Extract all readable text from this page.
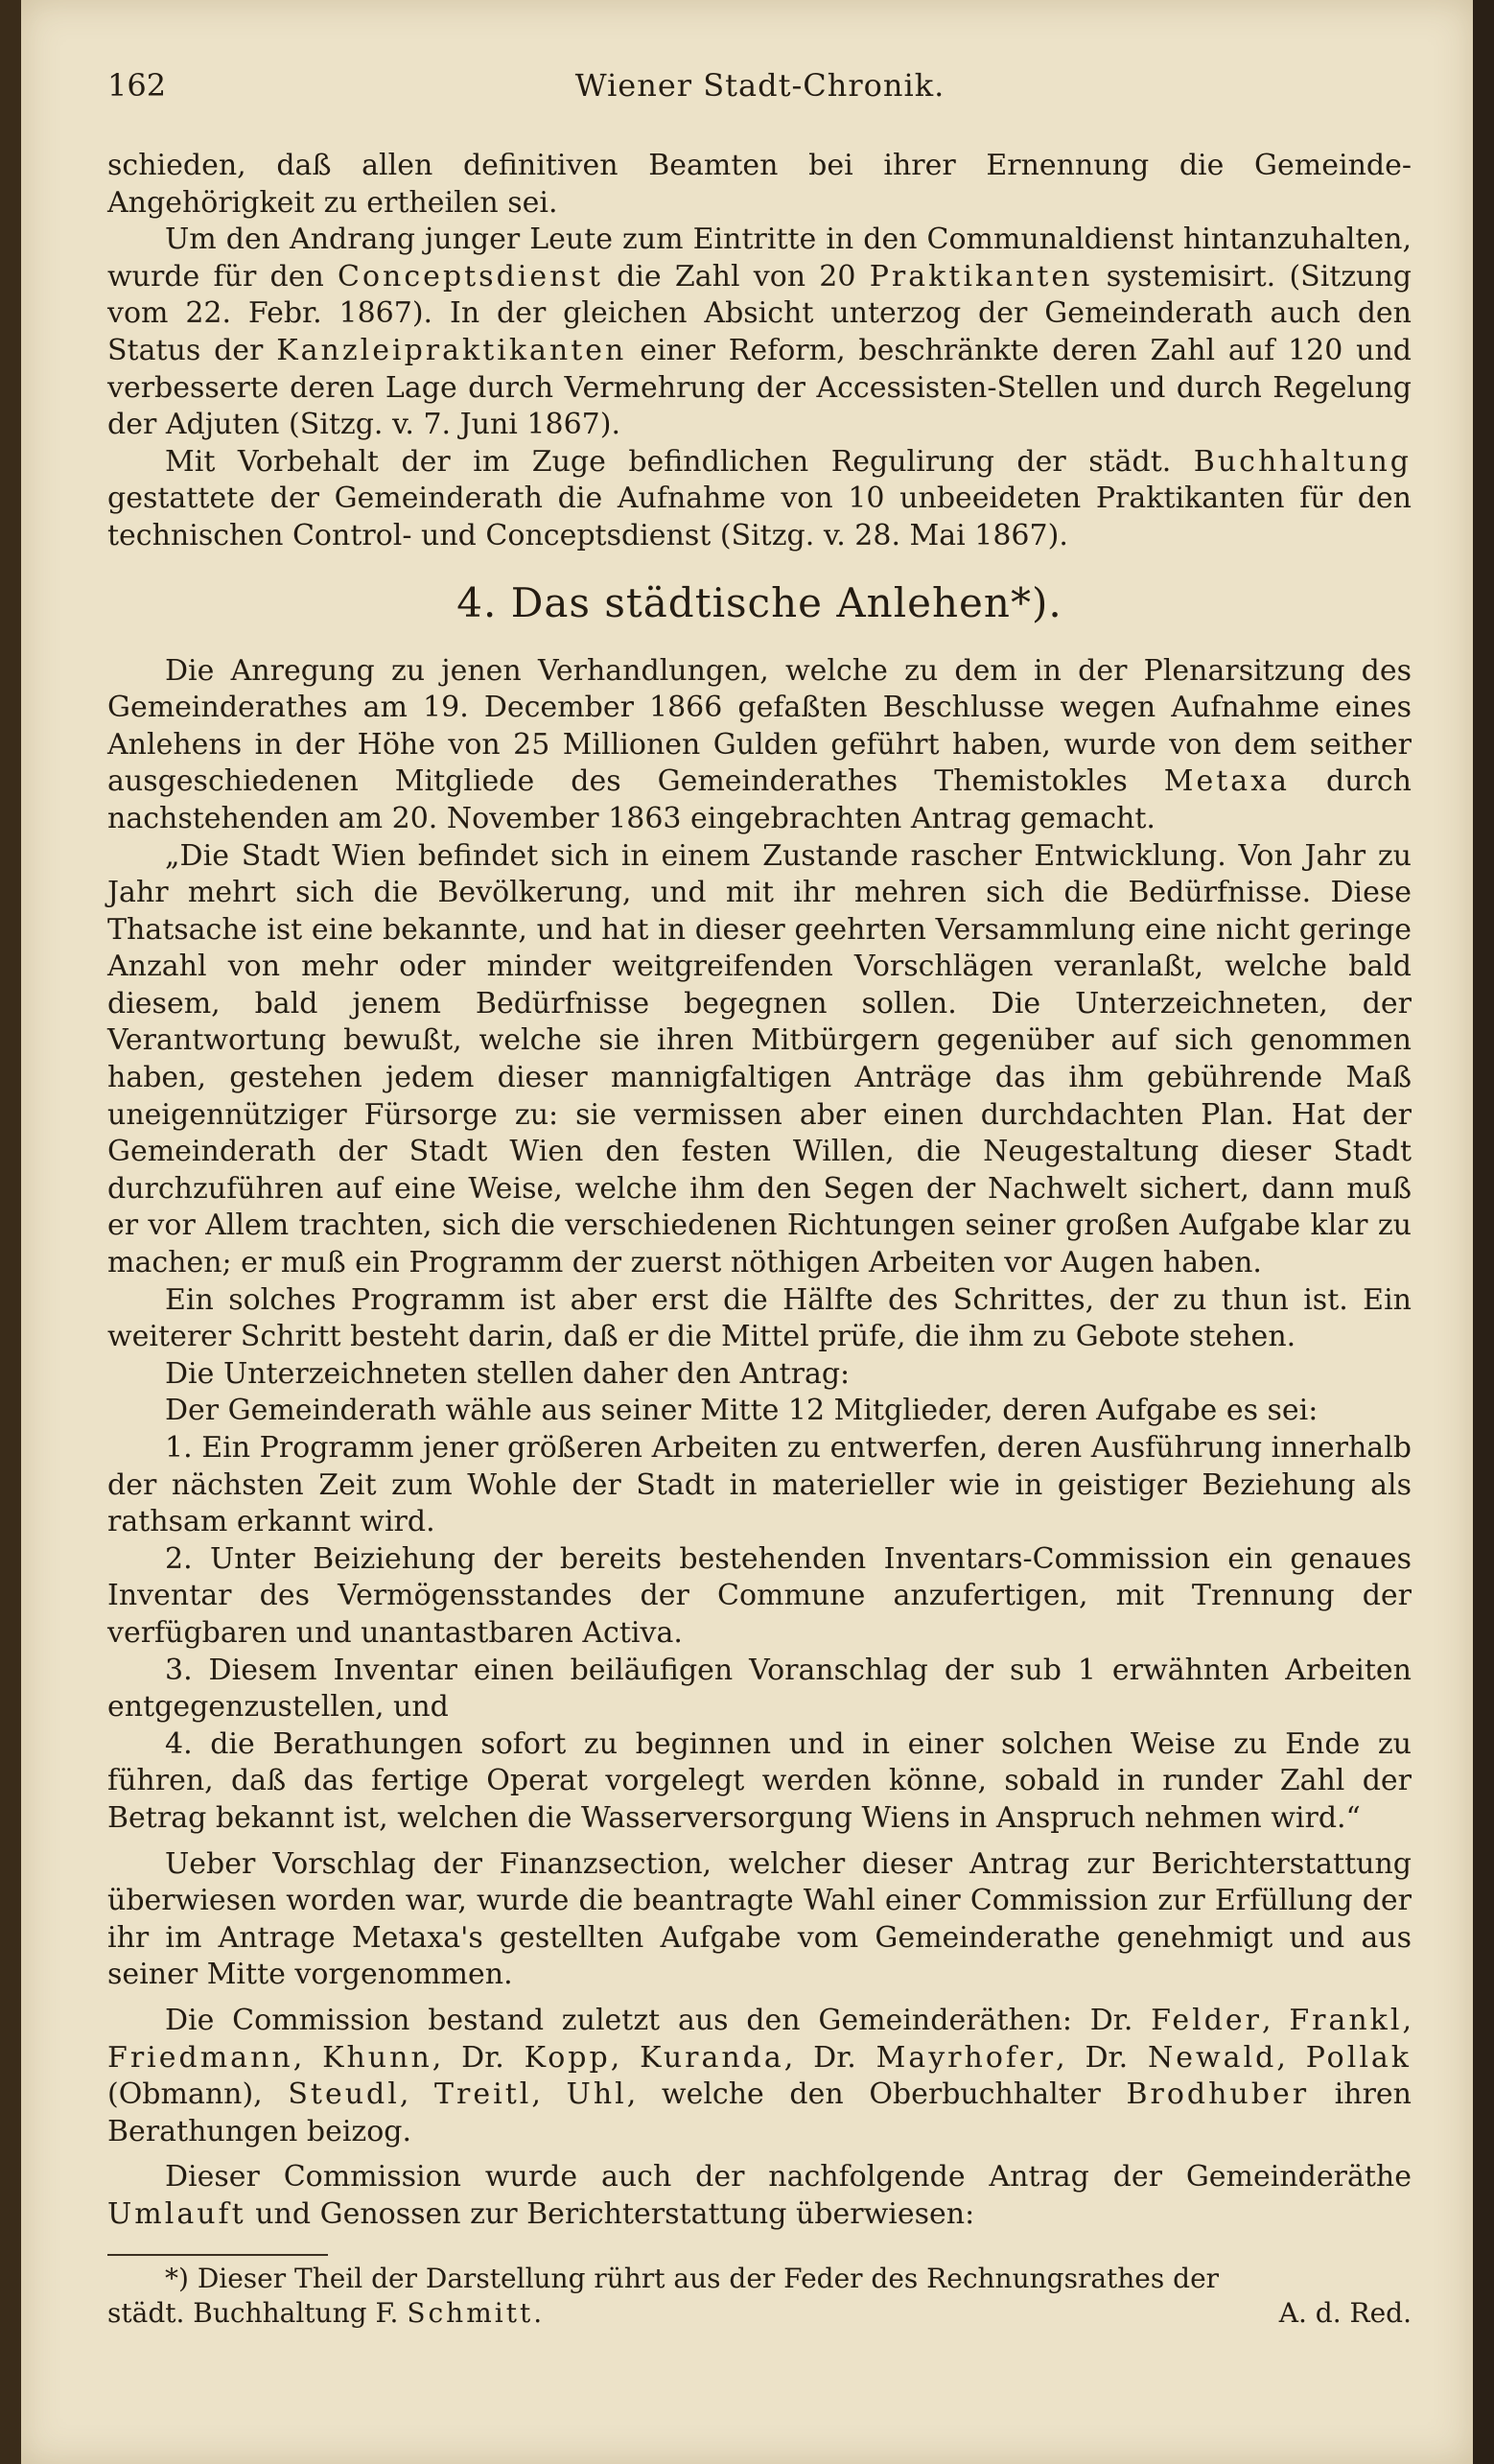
162	Wiener Stadt-Chronik.

schieden, daß allen definitiven Beamten bei ihrer Ernennung die Gemeinde-Angehörigkeit zu ertheilen sei.

Um den Andrang junger Leute zum Eintritte in den Communaldienst hintanzuhalten, wurde für den Conceptsdienst die Zahl von 20 Praktikanten systemisirt. (Sitzung vom 22. Febr. 1867). In der gleichen Absicht unterzog der Gemeinderath auch den Status der Kanzleipraktikanten einer Reform, beschränkte deren Zahl auf 120 und verbesserte deren Lage durch Vermehrung der Accessisten-Stellen und durch Regelung der Adjuten (Sitzg. v. 7. Juni 1867).

Mit Vorbehalt der im Zuge befindlichen Regulirung der städt. Buchhaltung gestattete der Gemeinderath die Aufnahme von 10 unbeeideten Praktikanten für den technischen Control- und Conceptsdienst (Sitzg. v. 28. Mai 1867).

4. Das städtische Anlehen*).

Die Anregung zu jenen Verhandlungen, welche zu dem in der Plenarsitzung des Gemeinderathes am 19. December 1866 gefaßten Beschlusse wegen Aufnahme eines Anlehens in der Höhe von 25 Millionen Gulden geführt haben, wurde von dem seither ausgeschiedenen Mitgliede des Gemeinderathes Themistokles Metaxa durch nachstehenden am 20. November 1863 eingebrachten Antrag gemacht.

„Die Stadt Wien befindet sich in einem Zustande rascher Entwicklung. Von Jahr zu Jahr mehrt sich die Bevölkerung, und mit ihr mehren sich die Bedürfnisse. Diese Thatsache ist eine bekannte, und hat in dieser geehrten Versammlung eine nicht geringe Anzahl von mehr oder minder weitgreifenden Vorschlägen veranlaßt, welche bald diesem, bald jenem Bedürfnisse begegnen sollen. Die Unterzeichneten, der Verantwortung bewußt, welche sie ihren Mitbürgern gegenüber auf sich genommen haben, gestehen jedem dieser mannigfaltigen Anträge das ihm gebührende Maß uneigennütziger Fürsorge zu: sie vermissen aber einen durchdachten Plan. Hat der Gemeinderath der Stadt Wien den festen Willen, die Neugestaltung dieser Stadt durchzuführen auf eine Weise, welche ihm den Segen der Nachwelt sichert, dann muß er vor Allem trachten, sich die verschiedenen Richtungen seiner großen Aufgabe klar zu machen; er muß ein Programm der zuerst nöthigen Arbeiten vor Augen haben.

Ein solches Programm ist aber erst die Hälfte des Schrittes, der zu thun ist. Ein weiterer Schritt besteht darin, daß er die Mittel prüfe, die ihm zu Gebote stehen.

Die Unterzeichneten stellen daher den Antrag:

Der Gemeinderath wähle aus seiner Mitte 12 Mitglieder, deren Aufgabe es sei:

1. Ein Programm jener größeren Arbeiten zu entwerfen, deren Ausführung innerhalb der nächsten Zeit zum Wohle der Stadt in materieller wie in geistiger Beziehung als rathsam erkannt wird.

2. Unter Beiziehung der bereits bestehenden Inventars-Commission ein genaues Inventar des Vermögensstandes der Commune anzufertigen, mit Trennung der verfügbaren und unantastbaren Activa.

3. Diesem Inventar einen beiläufigen Voranschlag der sub 1 erwähnten Arbeiten entgegenzustellen, und

4. die Berathungen sofort zu beginnen und in einer solchen Weise zu Ende zu führen, daß das fertige Operat vorgelegt werden könne, sobald in runder Zahl der Betrag bekannt ist, welchen die Wasserversorgung Wiens in Anspruch nehmen wird.“

Ueber Vorschlag der Finanzsection, welcher dieser Antrag zur Berichterstattung überwiesen worden war, wurde die beantragte Wahl einer Commission zur Erfüllung der ihr im Antrage Metaxa's gestellten Aufgabe vom Gemeinderathe genehmigt und aus seiner Mitte vorgenommen.

Die Commission bestand zuletzt aus den Gemeinderäthen: Dr. Felder, Frankl, Friedmann, Khunn, Dr. Kopp, Kuranda, Dr. Mayrhofer, Dr. Newald, Pollak (Obmann), Steudl, Treitl, Uhl, welche den Oberbuchhalter Brodhuber ihren Berathungen beizog.

Dieser Commission wurde auch der nachfolgende Antrag der Gemeinderäthe Umlauft und Genossen zur Berichterstattung überwiesen:

*) Dieser Theil der Darstellung rührt aus der Feder des Rechnungsrathes der

städt. Buchhaltung F. Schmitt.	A. d. Red.
